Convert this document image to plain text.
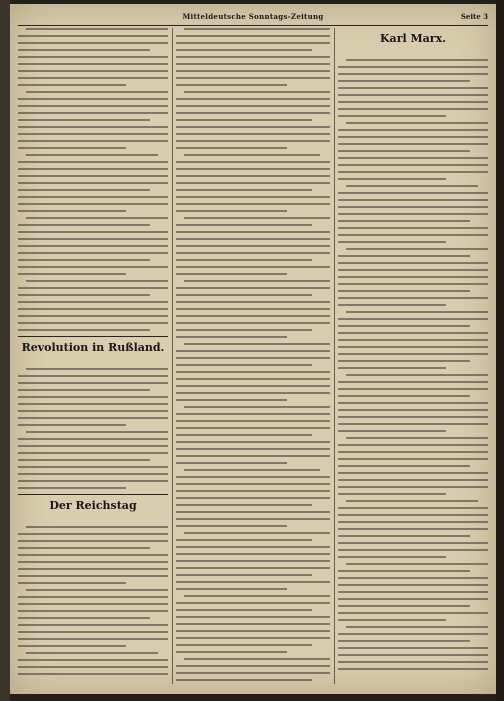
Mitteldeutsche Sonntags-Zeitung	Seite 3
Revolution in Rußland.
Der Reichstag
Karl Marx.
